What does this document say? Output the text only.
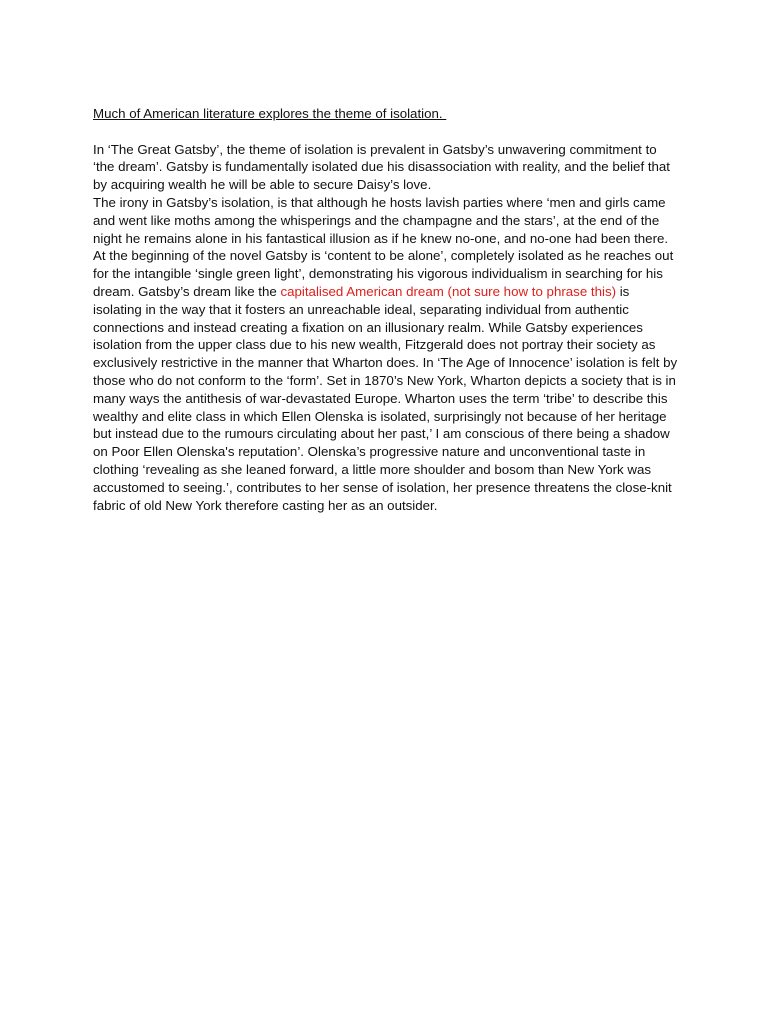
Much of American literature explores the theme of isolation.

In ‘The Great Gatsby’, the theme of isolation is prevalent in Gatsby’s unwavering commitment to ‘the dream’. Gatsby is fundamentally isolated due his disassociation with reality, and the belief that by acquiring wealth he will be able to secure Daisy’s love.

The irony in Gatsby’s isolation, is that although he hosts lavish parties where ‘men and girls came and went like moths among the whisperings and the champagne and the stars’, at the end of the night he remains alone in his fantastical illusion as if he knew no-one, and no-one had been there. At the beginning of the novel Gatsby is ‘content to be alone’, completely isolated as he reaches out for the intangible ‘single green light’, demonstrating his vigorous individualism in searching for his dream. Gatsby’s dream like the capitalised American dream (not sure how to phrase this) is isolating in the way that it fosters an unreachable ideal, separating individual from authentic connections and instead creating a fixation on an illusionary realm. While Gatsby experiences isolation from the upper class due to his new wealth, Fitzgerald does not portray their society as exclusively restrictive in the manner that Wharton does. In ‘The Age of Innocence’ isolation is felt by those who do not conform to the ‘form’. Set in 1870’s New York, Wharton depicts a society that is in many ways the antithesis of war-devastated Europe. Wharton uses the term ‘tribe’ to describe this wealthy and elite class in which Ellen Olenska is isolated, surprisingly not because of her heritage but instead due to the rumours circulating about her past,’ I am conscious of there being a shadow on Poor Ellen Olenska's reputation’. Olenska’s progressive nature and unconventional taste in clothing ‘revealing as she leaned forward, a little more shoulder and bosom than New York was accustomed to seeing.’, contributes to her sense of isolation, her presence threatens the close-knit fabric of old New York therefore casting her as an outsider.
